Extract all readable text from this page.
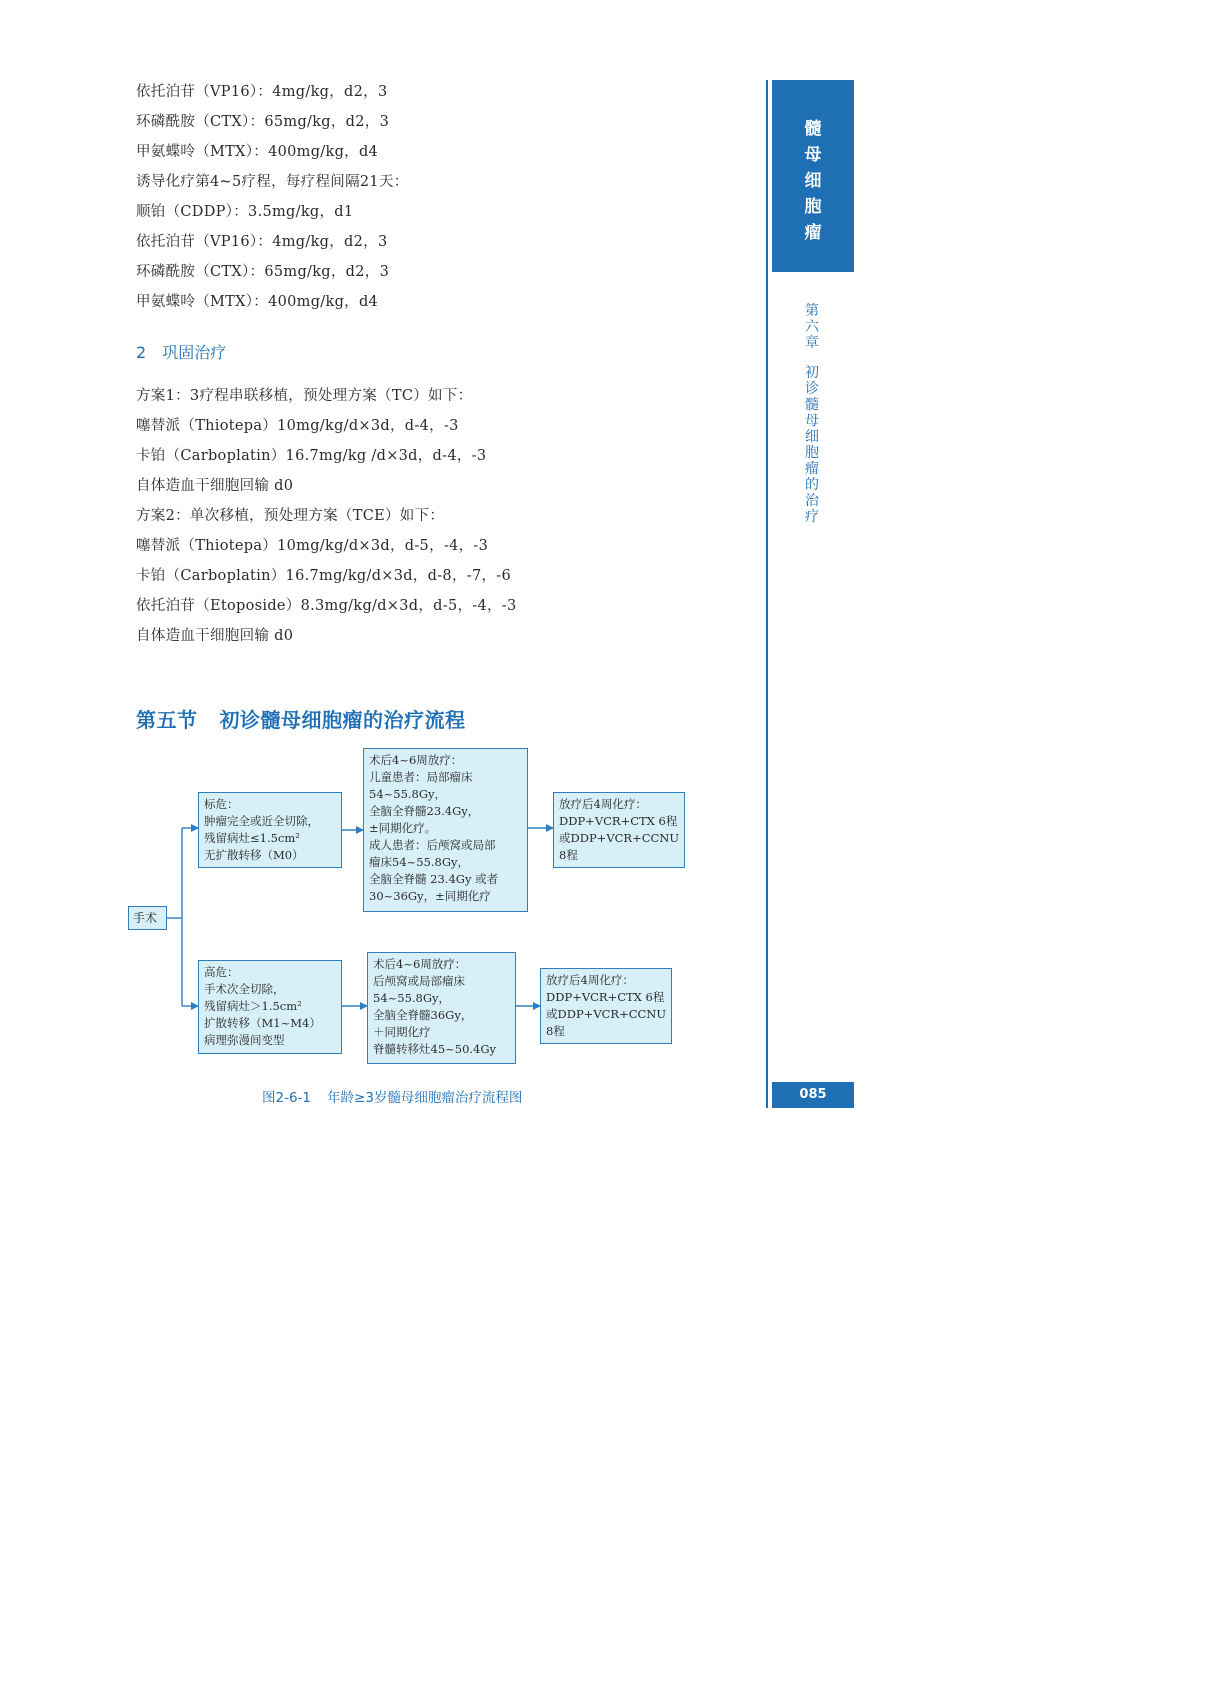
依托泊苷（VP16）：4mg/kg，d2，3
环磷酰胺（CTX）：65mg/kg，d2，3
甲氨蝶呤（MTX）：400mg/kg，d4
诱导化疗第4~5疗程，每疗程间隔21天：
顺铂（CDDP）：3.5mg/kg，d1
依托泊苷（VP16）：4mg/kg，d2，3
环磷酰胺（CTX）：65mg/kg，d2，3
甲氨蝶呤（MTX）：400mg/kg，d4
2 巩固治疗
方案1：3疗程串联移植，预处理方案（TC）如下：
噻替派（Thiotepa）10mg/kg/d×3d，d-4，-3
卡铂（Carboplatin）16.7mg/kg /d×3d，d-4，-3
自体造血干细胞回输 d0
方案2：单次移植，预处理方案（TCE）如下：
噻替派（Thiotepa）10mg/kg/d×3d，d-5，-4，-3
卡铂（Carboplatin）16.7mg/kg/d×3d，d-8，-7，-6
依托泊苷（Etoposide）8.3mg/kg/d×3d，d-5，-4，-3
自体造血干细胞回输 d0
第五节 初诊髓母细胞瘤的治疗流程
手术
标危：
肿瘤完全或近全切除，
残留病灶≤1.5cm²
无扩散转移（M0）
术后4~6周放疗：
儿童患者：局部瘤床
54~55.8Gy，
全脑全脊髓23.4Gy，
±同期化疗。
成人患者：后颅窝或局部
瘤床54~55.8Gy，
全脑全脊髓 23.4Gy 或者
30~36Gy，±同期化疗
放疗后4周化疗：
DDP+VCR+CTX 6程
或DDP+VCR+CCNU
8程
高危：
手术次全切除，
残留病灶＞1.5cm²
扩散转移（M1~M4）
病理弥漫间变型
术后4~6周放疗：
后颅窝或局部瘤床
54~55.8Gy，
全脑全脊髓36Gy，
＋同期化疗
脊髓转移灶45~50.4Gy
放疗后4周化疗：
DDP+VCR+CTX 6程
或DDP+VCR+CCNU
8程
图2-6-1 年龄≥3岁髓母细胞瘤治疗流程图
髓
母
细
胞
瘤
第
六
章
初
诊
髓
母
细
胞
瘤
的
治
疗
085
